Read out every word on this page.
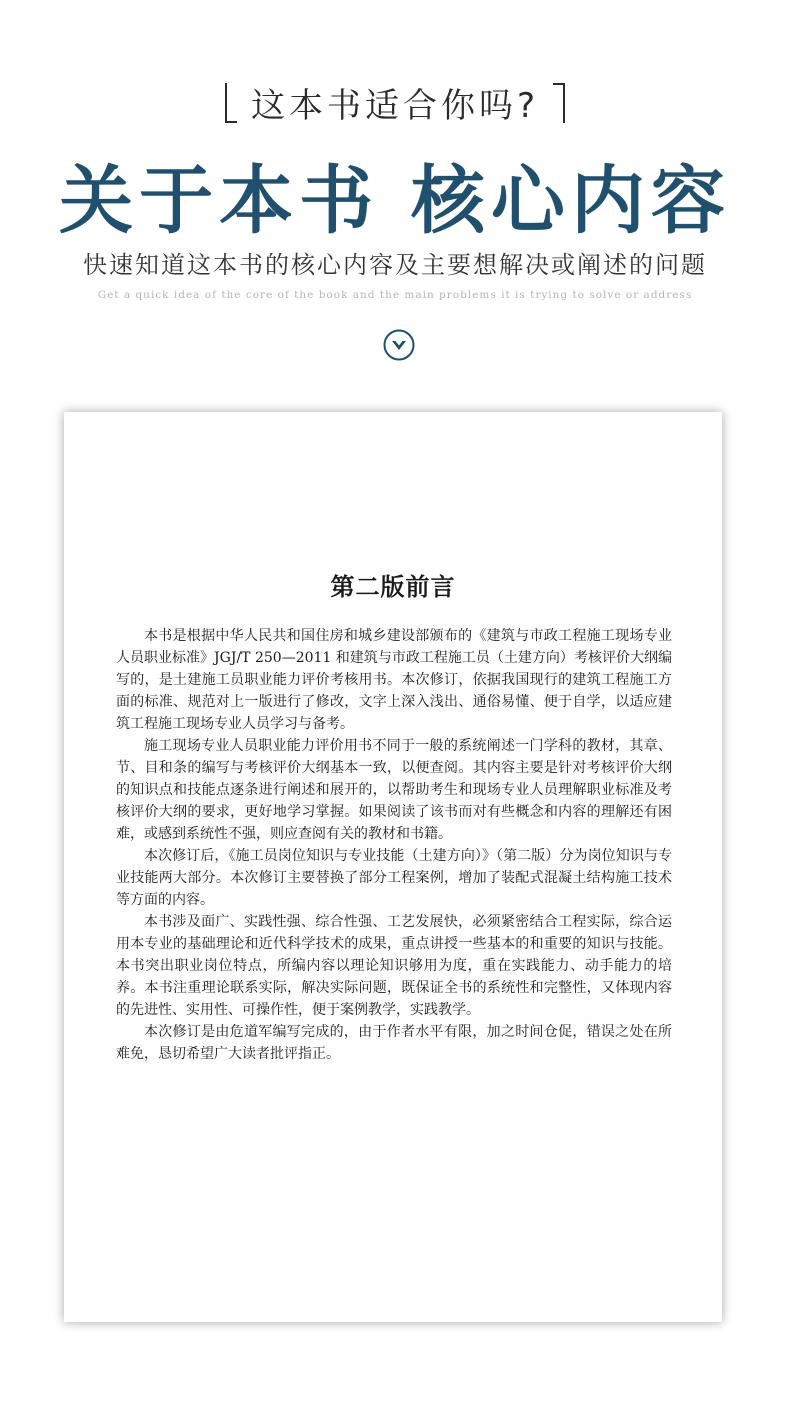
这本书适合你吗?
关于本书 核心内容
快速知道这本书的核心内容及主要想解决或阐述的问题
Get a quick idea of the core of the book and the main problems it is trying to solve or address
第二版前言

本书是根据中华人民共和国住房和城乡建设部颁布的《建筑与市政工程施工现场专业人员职业标准》JGJ/T 250—2011 和建筑与市政工程施工员（土建方向）考核评价大纲编写的，是土建施工员职业能力评价考核用书。本次修订，依据我国现行的建筑工程施工方面的标准、规范对上一版进行了修改，文字上深入浅出、通俗易懂、便于自学，以适应建筑工程施工现场专业人员学习与备考。

施工现场专业人员职业能力评价用书不同于一般的系统阐述一门学科的教材，其章、节、目和条的编写与考核评价大纲基本一致，以便查阅。其内容主要是针对考核评价大纲的知识点和技能点逐条进行阐述和展开的，以帮助考生和现场专业人员理解职业标准及考核评价大纲的要求，更好地学习掌握。如果阅读了该书而对有些概念和内容的理解还有困难，或感到系统性不强，则应查阅有关的教材和书籍。

本次修订后，《施工员岗位知识与专业技能（土建方向）》（第二版）分为岗位知识与专业技能两大部分。本次修订主要替换了部分工程案例，增加了装配式混凝土结构施工技术等方面的内容。

本书涉及面广、实践性强、综合性强、工艺发展快，必须紧密结合工程实际，综合运用本专业的基础理论和近代科学技术的成果，重点讲授一些基本的和重要的知识与技能。本书突出职业岗位特点，所编内容以理论知识够用为度，重在实践能力、动手能力的培养。本书注重理论联系实际，解决实际问题，既保证全书的系统性和完整性，又体现内容的先进性、实用性、可操作性，便于案例教学，实践教学。

本次修订是由危道军编写完成的，由于作者水平有限，加之时间仓促，错误之处在所难免，恳切希望广大读者批评指正。
